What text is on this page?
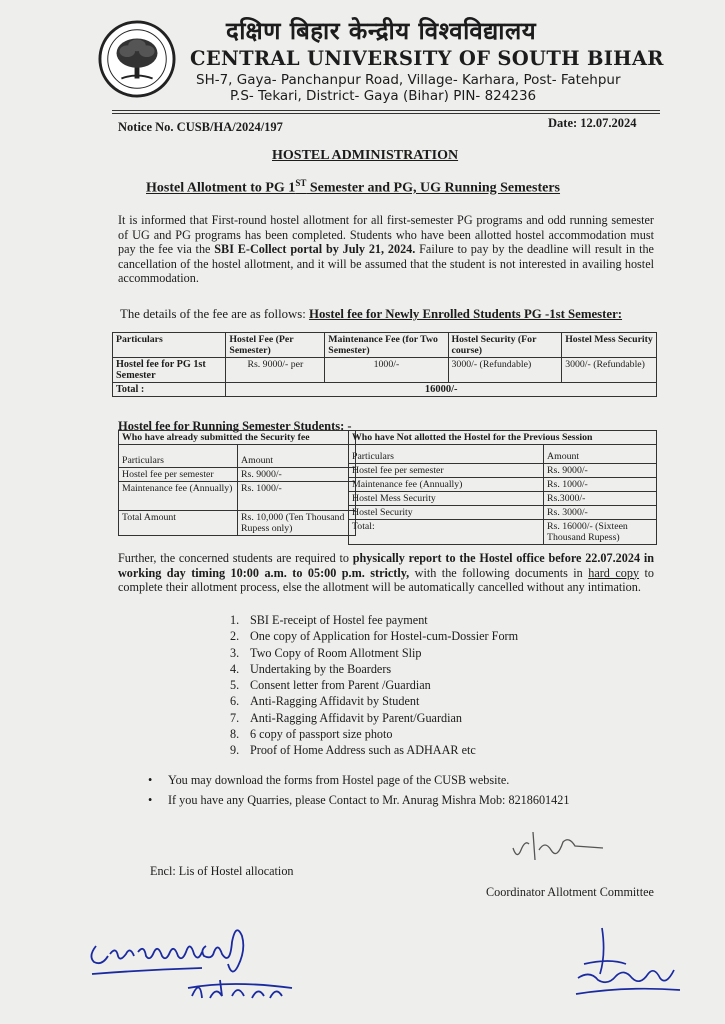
दक्षिण बिहार केन्द्रीय विश्वविद्यालय
CENTRAL UNIVERSITY OF SOUTH BIHAR
SH-7, Gaya- Panchanpur Road, Village- Karhara, Post- Fatehpur
P.S- Tekari, District- Gaya (Bihar) PIN- 824236
Notice No. CUSB/HA/2024/197	Date: 12.07.2024
HOSTEL ADMINISTRATION
Hostel Allotment to PG 1ST Semester and PG, UG Running Semesters
It is informed that First-round hostel allotment for all first-semester PG programs and odd running semester of UG and PG programs has been completed. Students who have been allotted hostel accommodation must pay the fee via the SBI E-Collect portal by July 21, 2024. Failure to pay by the deadline will result in the cancellation of the hostel allotment, and it will be assumed that the student is not interested in availing hostel accommodation.
The details of the fee are as follows: Hostel fee for Newly Enrolled Students PG -1st Semester:
Particulars	Hostel Fee (Per Semester)	Maintenance Fee (for Two Semester)	Hostel Security (For course)	Hostel Mess Security
Hostel fee for PG 1st Semester	Rs. 9000/- per	1000/-	3000/- (Refundable)	3000/- (Refundable)
Total :	16000/-			
Hostel fee for Running Semester Students: -
Who have already submitted the Security fee	
Particulars	Amount
Hostel fee per semester	Rs. 9000/-
Maintenance fee (Annually)	Rs. 1000/-
Total Amount	Rs. 10,000 (Ten Thousand Rupess only)
Who have Not allotted the Hostel for the Previous Session	
Particulars	Amount
Hostel fee per semester	Rs. 9000/-
Maintenance fee (Annually)	Rs. 1000/-
Hostel Mess Security	Rs.3000/-
Hostel Security	Rs. 3000/-
Total:	Rs. 16000/- (Sixteen Thousand Rupess)
Further, the concerned students are required to physically report to the Hostel office before 22.07.2024 in working day timing 10:00 a.m. to 05:00 p.m. strictly, with the following documents in hard copy to complete their allotment process, else the allotment will be automatically cancelled without any intimation.
1. SBI E-receipt of Hostel fee payment
2. One copy of Application for Hostel-cum-Dossier Form
3. Two Copy of Room Allotment Slip
4. Undertaking by the Boarders
5. Consent letter from Parent /Guardian
6. Anti-Ragging Affidavit by Student
7. Anti-Ragging Affidavit by Parent/Guardian
8. 6 copy of passport size photo
9. Proof of Home Address such as ADHAAR etc
• You may download the forms from Hostel page of the CUSB website.
• If you have any Quarries, please Contact to Mr. Anurag Mishra Mob: 8218601421
Encl: Lis of Hostel allocation
Coordinator Allotment Committee
